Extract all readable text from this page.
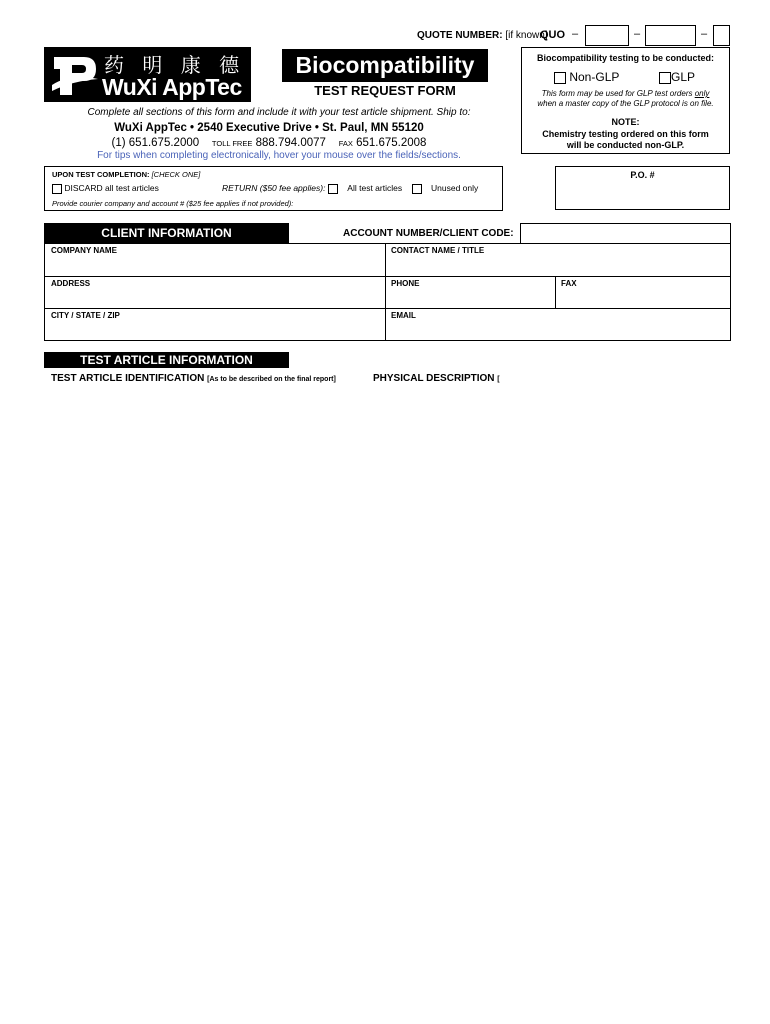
QUOTE NUMBER: [if known]
QUO –	–	–
药 明 康 德
WuXi AppTec
Biocompatibility
TEST REQUEST FORM
Complete all sections of this form and include it with your test article shipment. Ship to:
WuXi AppTec • 2540 Executive Drive • St. Paul, MN 55120
(1) 651.675.2000 TOLL FREE 888.794.0077 FAX 651.675.2008
For tips when completing electronically, hover your mouse over the fields/sections.
Biocompatibility testing to be conducted:
Non-GLP	GLP
This form may be used for GLP test orders only
when a master copy of the GLP protocol is on file.
NOTE:
Chemistry testing ordered on this form
will be conducted non-GLP.
UPON TEST COMPLETION: [CHECK ONE]
DISCARD all test articles	RETURN ($50 fee applies):	All test articles	Unused only
Provide courier company and account # ($25 fee applies if not provided):
P.O. #
CLIENT INFORMATION	ACCOUNT NUMBER/CLIENT CODE:
COMPANY NAME	CONTACT NAME / TITLE
ADDRESS	PHONE	FAX
CITY / STATE / ZIP	EMAIL
TEST ARTICLE INFORMATION
TEST ARTICLE IDENTIFICATION [As to be described on the final report]	PHYSICAL DESCRIPTION [
